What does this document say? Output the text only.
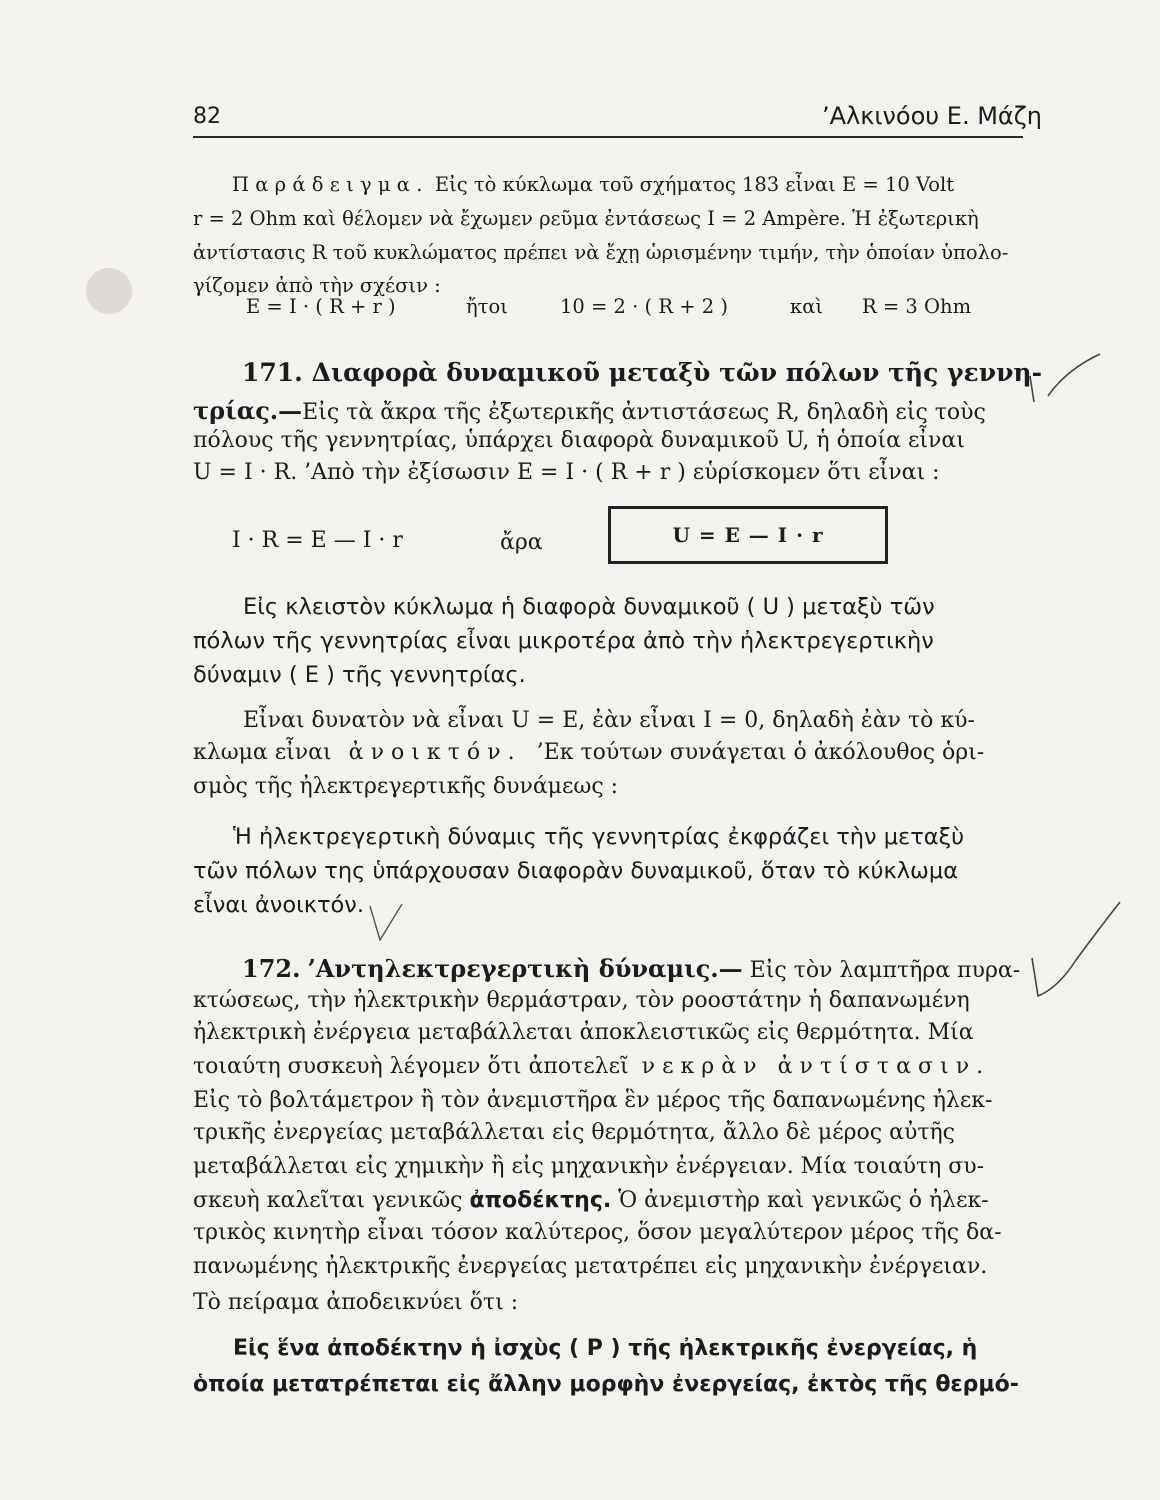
82	’Αλκινόου Ε. Μάζη
Παράδειγμα. Εἰς τὸ κύκλωμα τοῦ σχήματος 183 εἶναι E = 10 Volt
r = 2 Ohm καὶ θέλομεν νὰ ἔχωμεν ρεῦμα ἐντάσεως I = 2 Ampère. Ἡ ἐξωτερικὴ
ἀντίστασις R τοῦ κυκλώματος πρέπει νὰ ἔχῃ ὡρισμένην τιμήν, τὴν ὁποίαν ὑπολο-
γίζομεν ἀπὸ τὴν σχέσιν :
E = I · ( R + r )	ἤτοι	10 = 2 · ( R + 2 )	καὶ R = 3 Ohm
171. Διαφορὰ δυναμικοῦ μεταξὺ τῶν πόλων τῆς γεννη-
τρίας.—Εἰς τὰ ἄκρα τῆς ἐξωτερικῆς ἀντιστάσεως R, δηλαδὴ εἰς τοὺς
πόλους τῆς γεννητρίας, ὑπάρχει διαφορὰ δυναμικοῦ U, ἡ ὁποία εἶναι
U = I · R. ’Απὸ τὴν ἐξίσωσιν E = I · ( R + r ) εὑρίσκομεν ὅτι εἶναι :
I · R = E — I · r	ἄρα	U = E — I · r
Εἰς κλειστὸν κύκλωμα ἡ διαφορὰ δυναμικοῦ ( U ) μεταξὺ τῶν
πόλων τῆς γεννητρίας εἶναι μικροτέρα ἀπὸ τὴν ἠλεκτρεγερτικὴν
δύναμιν ( E ) τῆς γεννητρίας.
Εἶναι δυνατὸν νὰ εἶναι U = E, ἐὰν εἶναι I = 0, δηλαδὴ ἐὰν τὸ κύ-
κλωμα εἶναι ἀνοικτόν. ’Εκ τούτων συνάγεται ὁ ἀκόλουθος ὁρι-
σμὸς τῆς ἠλεκτρεγερτικῆς δυνάμεως :
Ἡ ἠλεκτρεγερτικὴ δύναμις τῆς γεννητρίας ἐκφράζει τὴν μεταξὺ
τῶν πόλων της ὑπάρχουσαν διαφορὰν δυναμικοῦ, ὅταν τὸ κύκλωμα
εἶναι ἀνοικτόν.
172. ’Αντηλεκτρεγερτικὴ δύναμις.— Εἰς τὸν λαμπτῆρα πυρα-
κτώσεως, τὴν ἠλεκτρικὴν θερμάστραν, τὸν ροοστάτην ἡ δαπανωμένη
ἠλεκτρικὴ ἐνέργεια μεταβάλλεται ἀποκλειστικῶς εἰς θερμότητα. Μία
τοιαύτη συσκευὴ λέγομεν ὅτι ἀποτελεῖ νεκρὰν ἀντίστασιν.
Εἰς τὸ βολτάμετρον ἢ τὸν ἀνεμιστῆρα ἓν μέρος τῆς δαπανωμένης ἠλεκ-
τρικῆς ἐνεργείας μεταβάλλεται εἰς θερμότητα, ἄλλο δὲ μέρος αὐτῆς
μεταβάλλεται εἰς χημικὴν ἢ εἰς μηχανικὴν ἐνέργειαν. Μία τοιαύτη συ-
σκευὴ καλεῖται γενικῶς ἀποδέκτης. Ὁ ἀνεμιστὴρ καὶ γενικῶς ὁ ἠλεκ-
τρικὸς κινητὴρ εἶναι τόσον καλύτερος, ὅσον μεγαλύτερον μέρος τῆς δα-
πανωμένης ἠλεκτρικῆς ἐνεργείας μετατρέπει εἰς μηχανικὴν ἐνέργειαν.
Τὸ πείραμα ἀποδεικνύει ὅτι :
Εἰς ἕνα ἀποδέκτην ἡ ἰσχὺς ( P ) τῆς ἠλεκτρικῆς ἐνεργείας, ἡ
ὁποία μετατρέπεται εἰς ἄλλην μορφὴν ἐνεργείας, ἐκτὸς τῆς θερμό-
